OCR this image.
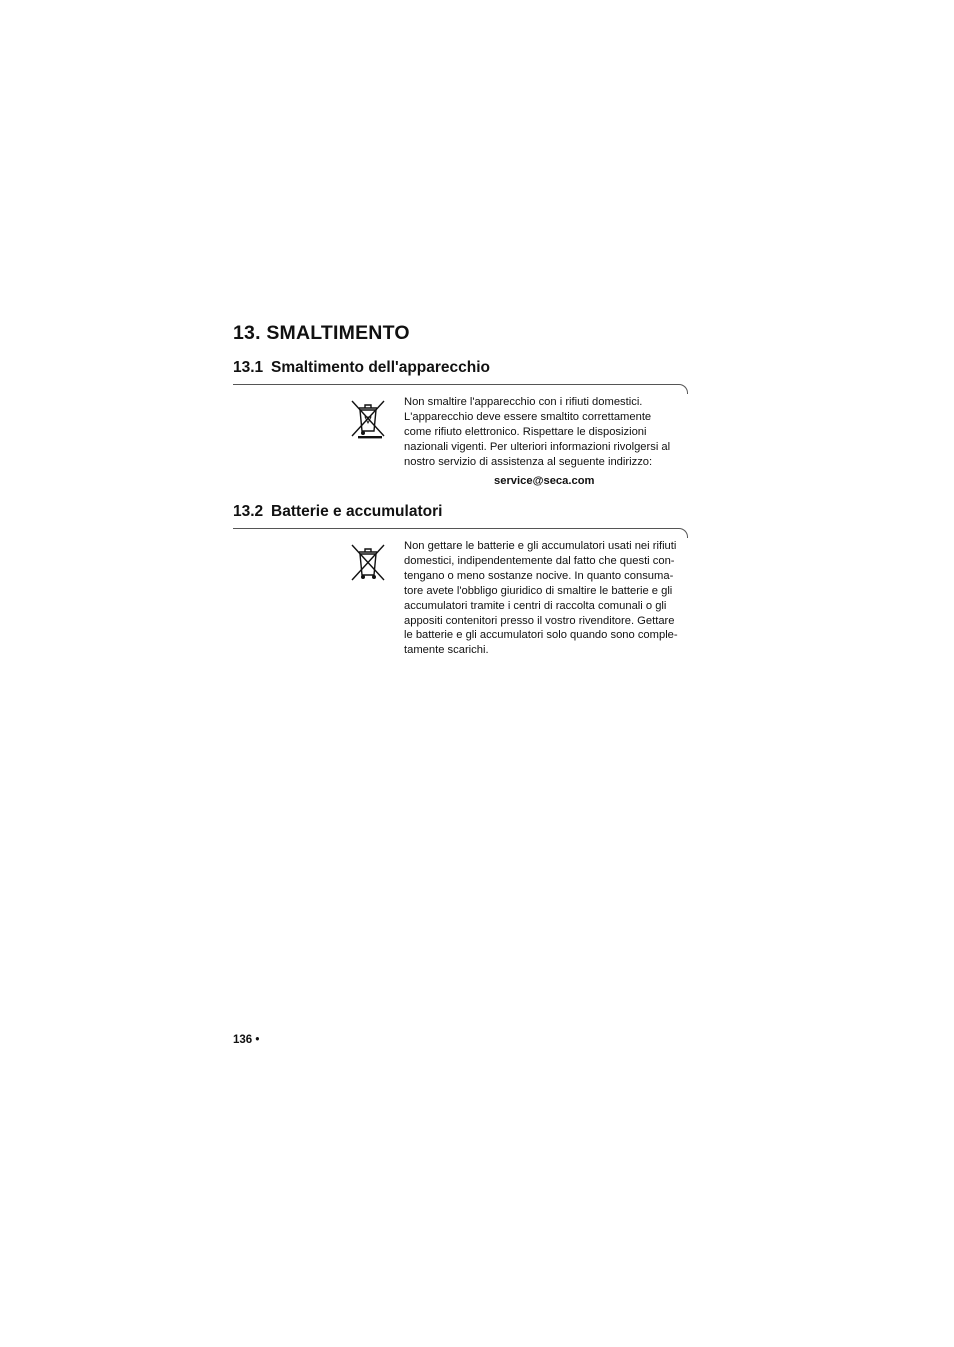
13. SMALTIMENTO
13.1 Smaltimento dell'apparecchio
Non smaltire l'apparecchio con i rifiuti domestici.
L'apparecchio deve essere smaltito correttamente
come rifiuto elettronico. Rispettare le disposizioni
nazionali vigenti. Per ulteriori informazioni rivolgersi al
nostro servizio di assistenza al seguente indirizzo:
service@seca.com
13.2 Batterie e accumulatori
Non gettare le batterie e gli accumulatori usati nei rifiuti
domestici, indipendentemente dal fatto che questi con-
tengano o meno sostanze nocive. In quanto consuma-
tore avete l'obbligo giuridico di smaltire le batterie e gli
accumulatori tramite i centri di raccolta comunali o gli
appositi contenitori presso il vostro rivenditore. Gettare
le batterie e gli accumulatori solo quando sono comple-
tamente scarichi.
136 •
